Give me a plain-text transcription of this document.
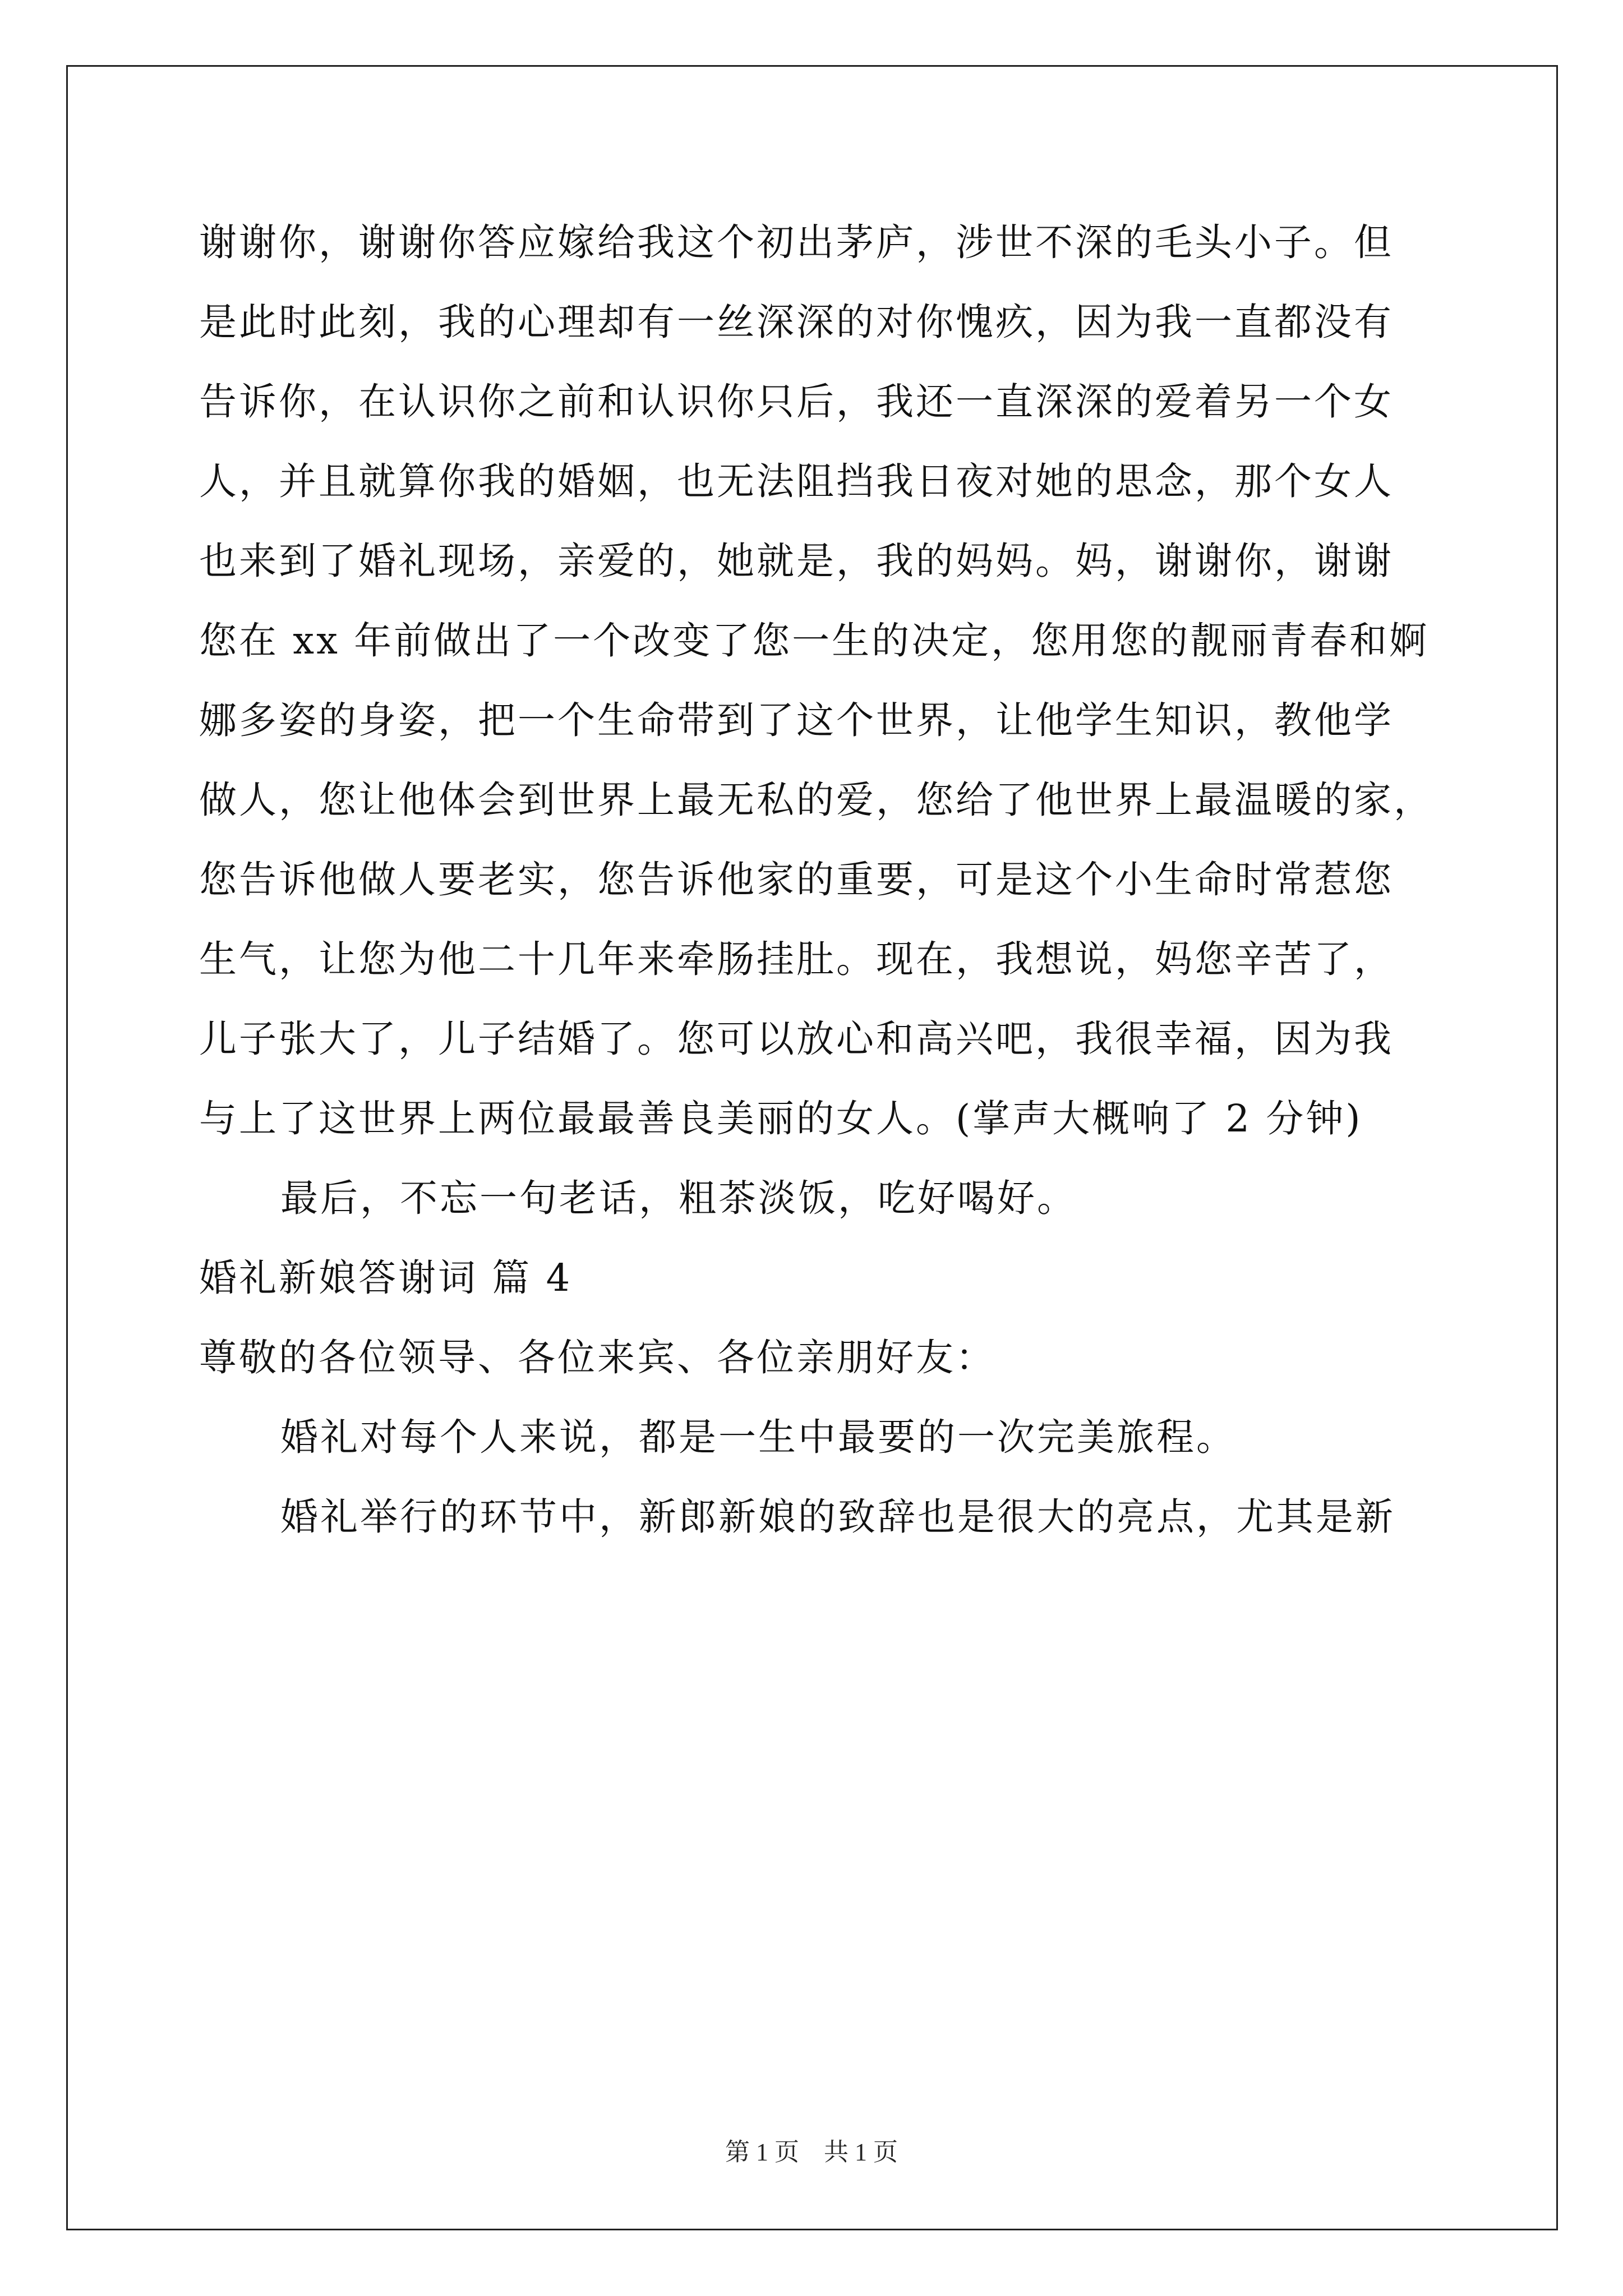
谢谢你，谢谢你答应嫁给我这个初出茅庐，涉世不深的毛头小子。但
是此时此刻，我的心理却有一丝深深的对你愧疚，因为我一直都没有
告诉你，在认识你之前和认识你只后，我还一直深深的爱着另一个女
人，并且就算你我的婚姻，也无法阻挡我日夜对她的思念，那个女人
也来到了婚礼现场，亲爱的，她就是，我的妈妈。妈，谢谢你，谢谢
您在 xx 年前做出了一个改变了您一生的决定，您用您的靓丽青春和婀
娜多姿的身姿，把一个生命带到了这个世界，让他学生知识，教他学
做人，您让他体会到世界上最无私的爱，您给了他世界上最温暖的家，
您告诉他做人要老实，您告诉他家的重要，可是这个小生命时常惹您
生气，让您为他二十几年来牵肠挂肚。现在，我想说，妈您辛苦了，
儿子张大了，儿子结婚了。您可以放心和高兴吧，我很幸福，因为我
与上了这世界上两位最最善良美丽的女人。(掌声大概响了 2 分钟)
最后，不忘一句老话，粗茶淡饭，吃好喝好。
婚礼新娘答谢词 篇 4
尊敬的各位领导、各位来宾、各位亲朋好友：
婚礼对每个人来说，都是一生中最要的一次完美旅程。
婚礼举行的环节中，新郎新娘的致辞也是很大的亮点，尤其是新
第 1 页　共 1 页
